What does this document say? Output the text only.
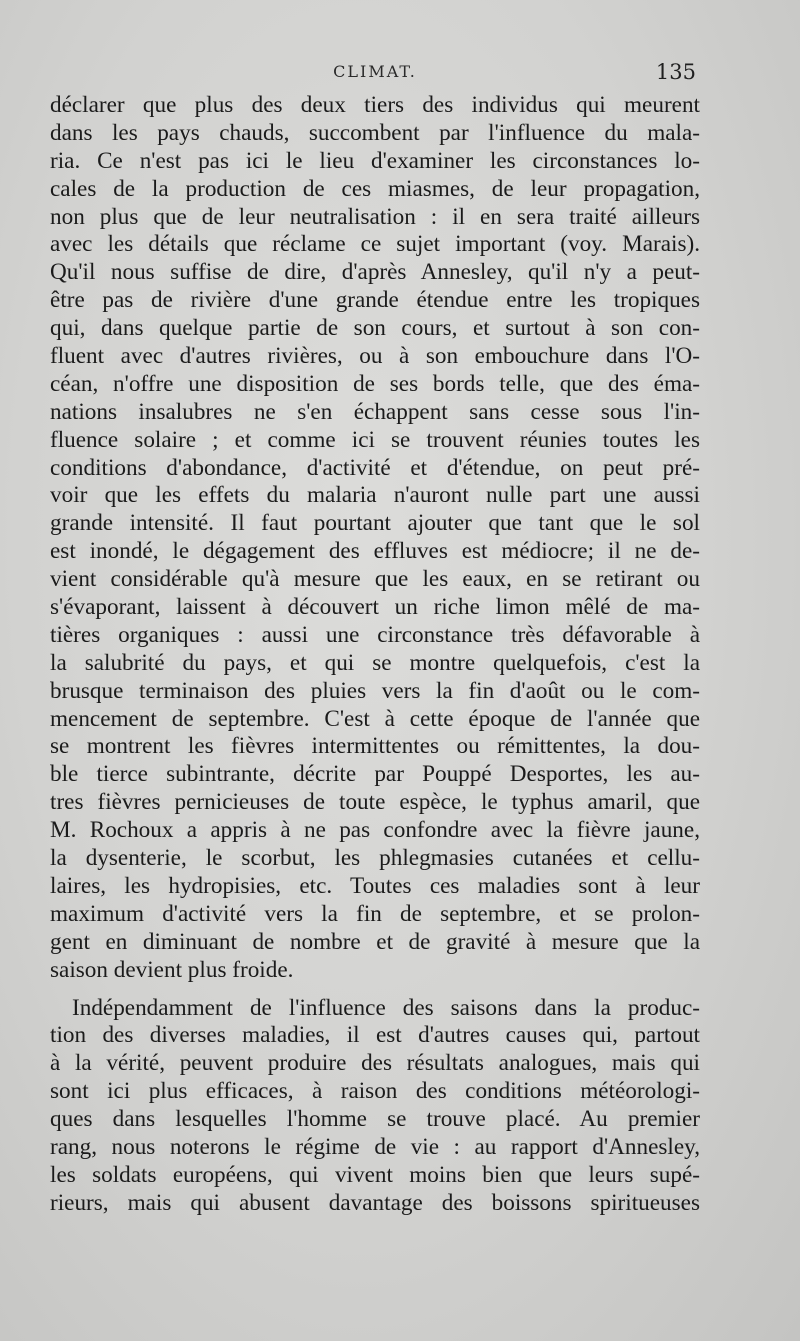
CLIMAT.	135
déclarer que plus des deux tiers des individus qui meurent
dans les pays chauds, succombent par l'influence du mala-
ria. Ce n'est pas ici le lieu d'examiner les circonstances lo-
cales de la production de ces miasmes, de leur propagation,
non plus que de leur neutralisation : il en sera traité ailleurs
avec les détails que réclame ce sujet important (voy. Marais).
Qu'il nous suffise de dire, d'après Annesley, qu'il n'y a peut-
être pas de rivière d'une grande étendue entre les tropiques
qui, dans quelque partie de son cours, et surtout à son con-
fluent avec d'autres rivières, ou à son embouchure dans l'O-
céan, n'offre une disposition de ses bords telle, que des éma-
nations insalubres ne s'en échappent sans cesse sous l'in-
fluence solaire ; et comme ici se trouvent réunies toutes les
conditions d'abondance, d'activité et d'étendue, on peut pré-
voir que les effets du malaria n'auront nulle part une aussi
grande intensité. Il faut pourtant ajouter que tant que le sol
est inondé, le dégagement des effluves est médiocre; il ne de-
vient considérable qu'à mesure que les eaux, en se retirant ou
s'évaporant, laissent à découvert un riche limon mêlé de ma-
tières organiques : aussi une circonstance très défavorable à
la salubrité du pays, et qui se montre quelquefois, c'est la
brusque terminaison des pluies vers la fin d'août ou le com-
mencement de septembre. C'est à cette époque de l'année que
se montrent les fièvres intermittentes ou rémittentes, la dou-
ble tierce subintrante, décrite par Pouppé Desportes, les au-
tres fièvres pernicieuses de toute espèce, le typhus amaril, que
M. Rochoux a appris à ne pas confondre avec la fièvre jaune,
la dysenterie, le scorbut, les phlegmasies cutanées et cellu-
laires, les hydropisies, etc. Toutes ces maladies sont à leur
maximum d'activité vers la fin de septembre, et se prolon-
gent en diminuant de nombre et de gravité à mesure que la
saison devient plus froide.
Indépendamment de l'influence des saisons dans la produc-
tion des diverses maladies, il est d'autres causes qui, partout
à la vérité, peuvent produire des résultats analogues, mais qui
sont ici plus efficaces, à raison des conditions météorologi-
ques dans lesquelles l'homme se trouve placé. Au premier
rang, nous noterons le régime de vie : au rapport d'Annesley,
les soldats européens, qui vivent moins bien que leurs supé-
rieurs, mais qui abusent davantage des boissons spiritueuses
